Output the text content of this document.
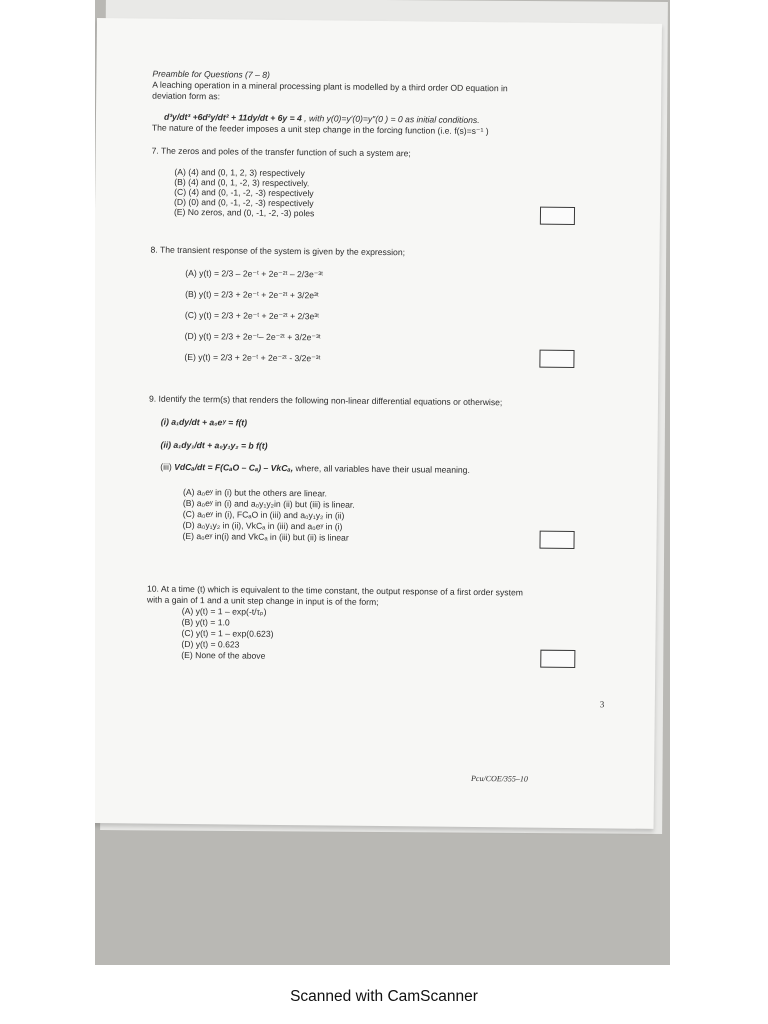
Preamble for Questions (7 – 8)
A leaching operation in a mineral processing plant is modelled by a third order OD equation in
deviation form as:
d³y/dt³ +6d²y/dt² + 11dy/dt + 6y = 4 , with y(0)=y′(0)=y″(0 ) = 0 as initial conditions.
The nature of the feeder imposes a unit step change in the forcing function (i.e. f(s)=s⁻¹ )
7. The zeros and poles of the transfer function of such a system are;
(A) (4) and (0, 1, 2, 3) respectively
(B) (4) and (0, 1, -2, 3) respectively.
(C) (4) and (0, -1, -2, -3) respectively
(D) (0) and (0, -1, -2, -3) respectively
(E) No zeros, and (0, -1, -2, -3) poles
8. The transient response of the system is given by the expression;
(A) y(t) = 2/3 – 2e⁻ᵗ + 2e⁻²ᵗ – 2/3e⁻³ᵗ
(B) y(t) = 2/3 + 2e⁻ᵗ + 2e⁻²ᵗ + 3/2e³ᵗ
(C) y(t) = 2/3 + 2e⁻ᵗ + 2e⁻²ᵗ + 2/3e³ᵗ
(D) y(t) = 2/3 + 2e⁻ᵗ– 2e⁻²ᵗ + 3/2e⁻³ᵗ
(E) y(t) = 2/3 + 2e⁻ᵗ + 2e⁻²ᵗ - 3/2e⁻³ᵗ
9. Identify the term(s) that renders the following non-linear differential equations or otherwise;
(i) a₁dy/dt + a₀eʸ = f(t)
(ii) a₁dy₁/dt + a₀y₁y₂ = b f(t)
(iii) VdCₐ/dt = F(CₐO – Cₐ) – VkCₐ, where, all variables have their usual meaning.
(A) a₀eʸ in (i) but the others are linear.
(B) a₀eʸ in (i) and a₀y₁y₂in (ii) but (iii) is linear.
(C) a₀eʸ in (i), FCₐO in (iii) and a₀y₁y₂ in (ii)
(D) a₀y₁y₂ in (ii), VkCₐ in (iii) and a₀eʸ in (i)
(E) a₀eʸ in(i) and VkCₐ in (iii) but (ii) is linear
10. At a time (t) which is equivalent to the time constant, the output response of a first order system
with a gain of 1 and a unit step change in input is of the form;
(A) y(t) = 1 – exp(-t/τₚ)
(B) y(t) = 1.0
(C) y(t) = 1 – exp(0.623)
(D) y(t) = 0.623
(E) None of the above
3
Pcu/COE/355–10
Scanned with CamScanner
